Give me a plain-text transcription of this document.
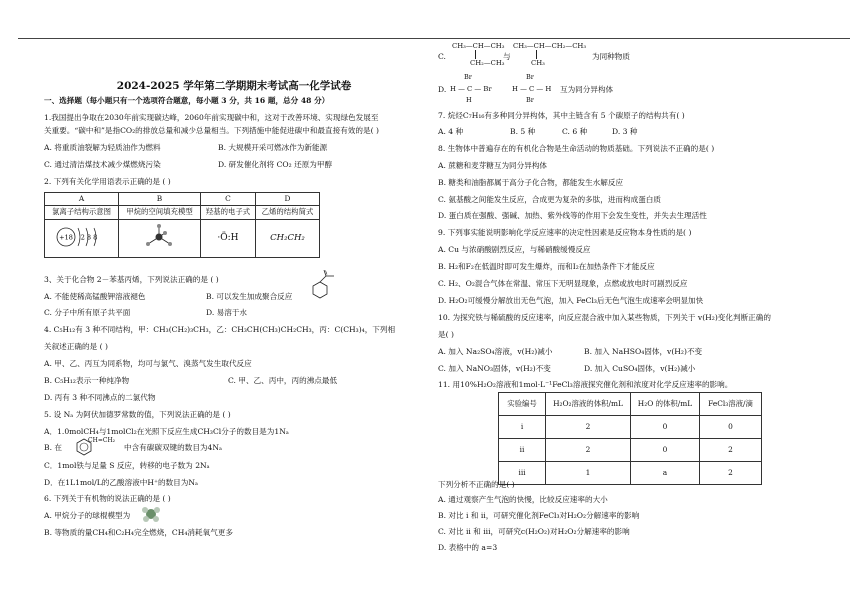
2024-2025 学年第二学期期末考试高一化学试卷
一、选择题（每小题只有一个选项符合题意，每小题 3 分，共 16 题，总分 48 分）
1.我国提出争取在2030年前实现碳达峰，2060年前实现碳中和，这对于改善环境、实现绿色发展至
关重要。“碳中和”是指CO₂的排放总量和减少总量相当。下列措施中能促进碳中和最直接有效的是( )
A. 将重质油裂解为轻质油作为燃料	B. 大规模开采可燃冰作为新能源
C. 通过清洁煤技术减少煤燃烧污染	D. 研发催化剂将 CO₂ 还原为甲醇
2. 下列有关化学用语表示正确的是 ( )
A	B	C	D
氯离子结构示意图	甲烷的空间填充模型	羟基的电子式	乙烯的结构简式

+18 2 8 8		·Ö:H	CH₂CH₂
3、关于化合物 2－苯基丙烯，下列说法正确的是 ( )
A. 不能使稀高锰酸钾溶液褪色	B. 可以发生加成聚合反应
C. 分子中所有原子共平面	D. 易溶于水
4. C₅H₁₂有 3 种不同结构，甲：CH₃(CH₂)₃CH₃，乙：CH₃CH(CH₃)CH₂CH₃，丙：C(CH₃)₄，下列相
关叙述正确的是 ( )
A. 甲、乙、丙互为同系物，均可与氯气、溴蒸气发生取代反应
B. C₅H₁₂表示一种纯净物	C. 甲、乙、丙中，丙的沸点最低
D. 丙有 3 种不同沸点的二氯代物
5. 设 Nₐ 为阿伏加德罗常数的值，下列说法正确的是 ( )
A．1.0molCH₄与1molCl₂在光照下反应生成CH₃Cl分子的数目是为1Nₐ
B. 在
CH=CH₂
中含有碳碳双键的数目为4Nₐ
C．1mol铁与足量 S 反应，转移的电子数为 2Nₐ
D．在1L1mol/L的乙酸溶液中H⁺的数目为Nₐ
6. 下列关于有机物的说法正确的是 ( )
A. 甲烷分子的球棍模型为
B. 等物质的量CH₄和C₂H₄完全燃烧，CH₄消耗氧气更多
CH₃—CH—CH₃
C.
CH₂—CH₃
与
CH₃—CH—CH₂—CH₃
CH₃
为同种物质
D.
Br
H — C — Br
H
Br
H — C — H
Br
互为同分异构体
7. 烷烃C₇H₁₆有多种同分异构体，其中主链含有 5 个碳原子的结构共有( )
A. 4 种	B. 5 种	C. 6 种	D. 3 种
8. 生物体中普遍存在的有机化合物是生命活动的物质基础。下列说法不正确的是( )
A. 蔗糖和麦芽糖互为同分异构体
B. 糖类和油脂都属于高分子化合物，都能发生水解反应
C. 氨基酸之间能发生反应，合成更为复杂的多肽，进而构成蛋白质
D. 蛋白质在强酸、强碱、加热、紫外线等的作用下会发生变性，并失去生理活性
9. 下列事实能说明影响化学反应速率的决定性因素是反应物本身性质的是( )
A. Cu 与浓硝酸剧烈反应，与稀硝酸缓慢反应
B. H₂和F₂在低温时即可发生爆炸，而和I₂在加热条件下才能反应
C. H₂、O₂混合气体在常温、常压下无明显现象，点燃或放电时可剧烈反应
D. H₂O₂可缓慢分解放出无色气泡，加入 FeCl₃后无色气泡生成速率会明显加快
10. 为探究铁与稀硫酸的反应速率，向反应混合液中加入某些物质，下列关于 v(H₂)变化判断正确的
是( )
A. 加入 Na₂SO₄溶液，v(H₂)减小	B. 加入 NaHSO₄固体，v(H₂)不变
C. 加入 NaNO₃固体，v(H₂)不变	D. 加入 CuSO₄固体，v(H₂)减小
11. 用10%H₂O₂溶液和1mol·L⁻¹FeCl₃溶液探究催化剂和浓度对化学反应速率的影响。
实验编号	H₂O₂溶液的体积/mL	H₂O 的体积/mL	FeCl₃溶液/滴
i	2	0	0
ii	2	0	2
iii	1	a	2
下列分析不正确的是( )
A. 通过观察产生气泡的快慢，比较反应速率的大小
B. 对比 i 和 ii，可研究催化剂FeCl₃对H₂O₂分解速率的影响
C. 对比 ii 和 iii，可研究c(H₂O₂)对H₂O₂分解速率的影响
D. 表格中的 a=3
